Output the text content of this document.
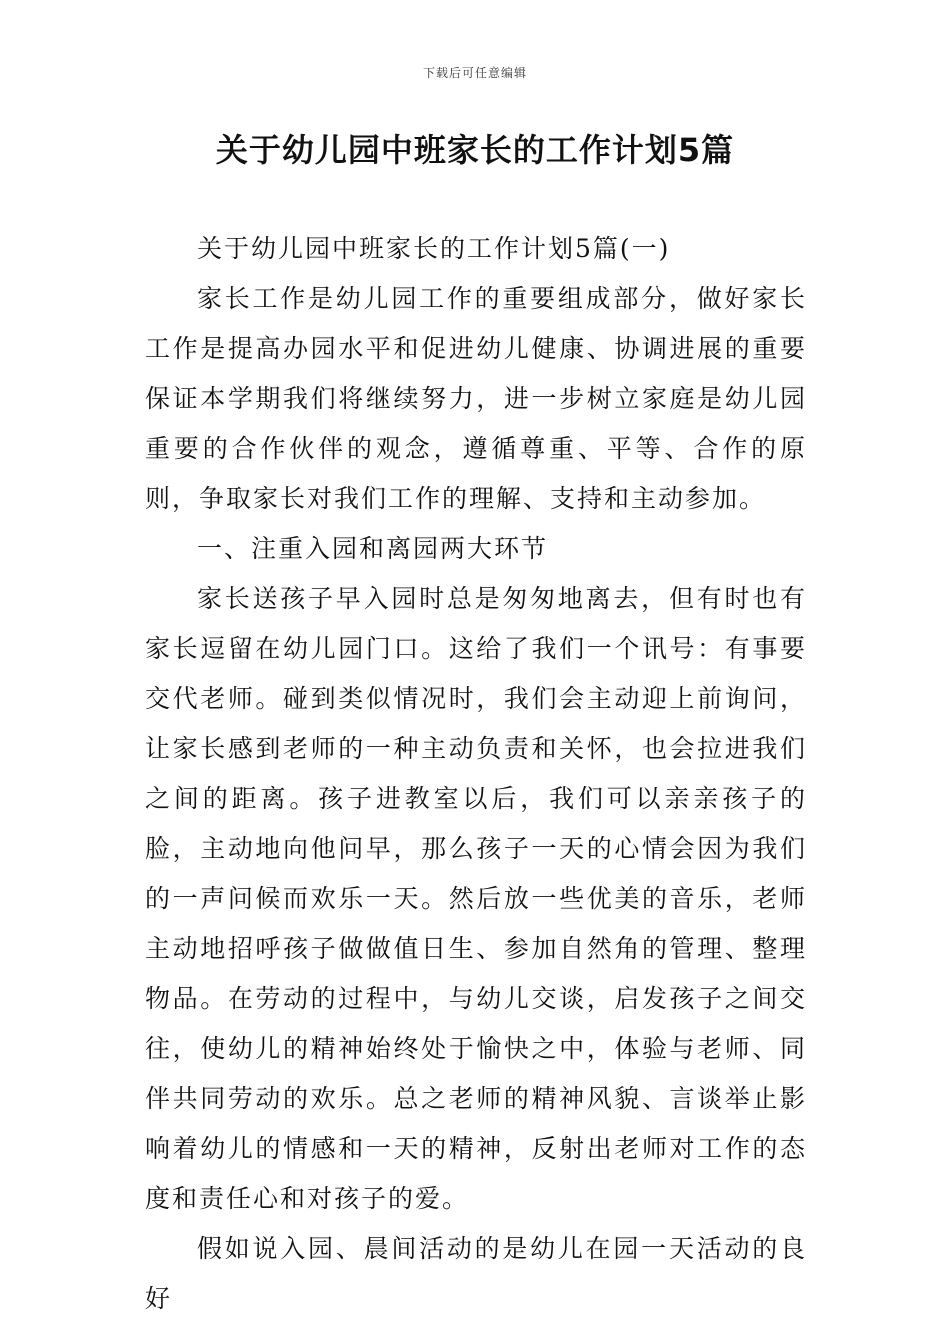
下载后可任意编辑
关于幼儿园中班家长的工作计划5篇

关于幼儿园中班家长的工作计划5篇(一)

家长工作是幼儿园工作的重要组成部分，做好家长工作是提高办园水平和促进幼儿健康、协调进展的重要保证本学期我们将继续努力，进一步树立家庭是幼儿园重要的合作伙伴的观念，遵循尊重、平等、合作的原则，争取家长对我们工作的理解、支持和主动参加。

一、注重入园和离园两大环节

家长送孩子早入园时总是匆匆地离去，但有时也有家长逗留在幼儿园门口。这给了我们一个讯号：有事要交代老师。碰到类似情况时，我们会主动迎上前询问，让家长感到老师的一种主动负责和关怀，也会拉进我们之间的距离。孩子进教室以后，我们可以亲亲孩子的脸，主动地向他问早，那么孩子一天的心情会因为我们的一声问候而欢乐一天。然后放一些优美的音乐，老师主动地招呼孩子做做值日生、参加自然角的管理、整理物品。在劳动的过程中，与幼儿交谈，启发孩子之间交往，使幼儿的精神始终处于愉快之中，体验与老师、同伴共同劳动的欢乐。总之老师的精神风貌、言谈举止影响着幼儿的情感和一天的精神，反射出老师对工作的态度和责任心和对孩子的爱。

假如说入园、晨间活动的是幼儿在园一天活动的良好
